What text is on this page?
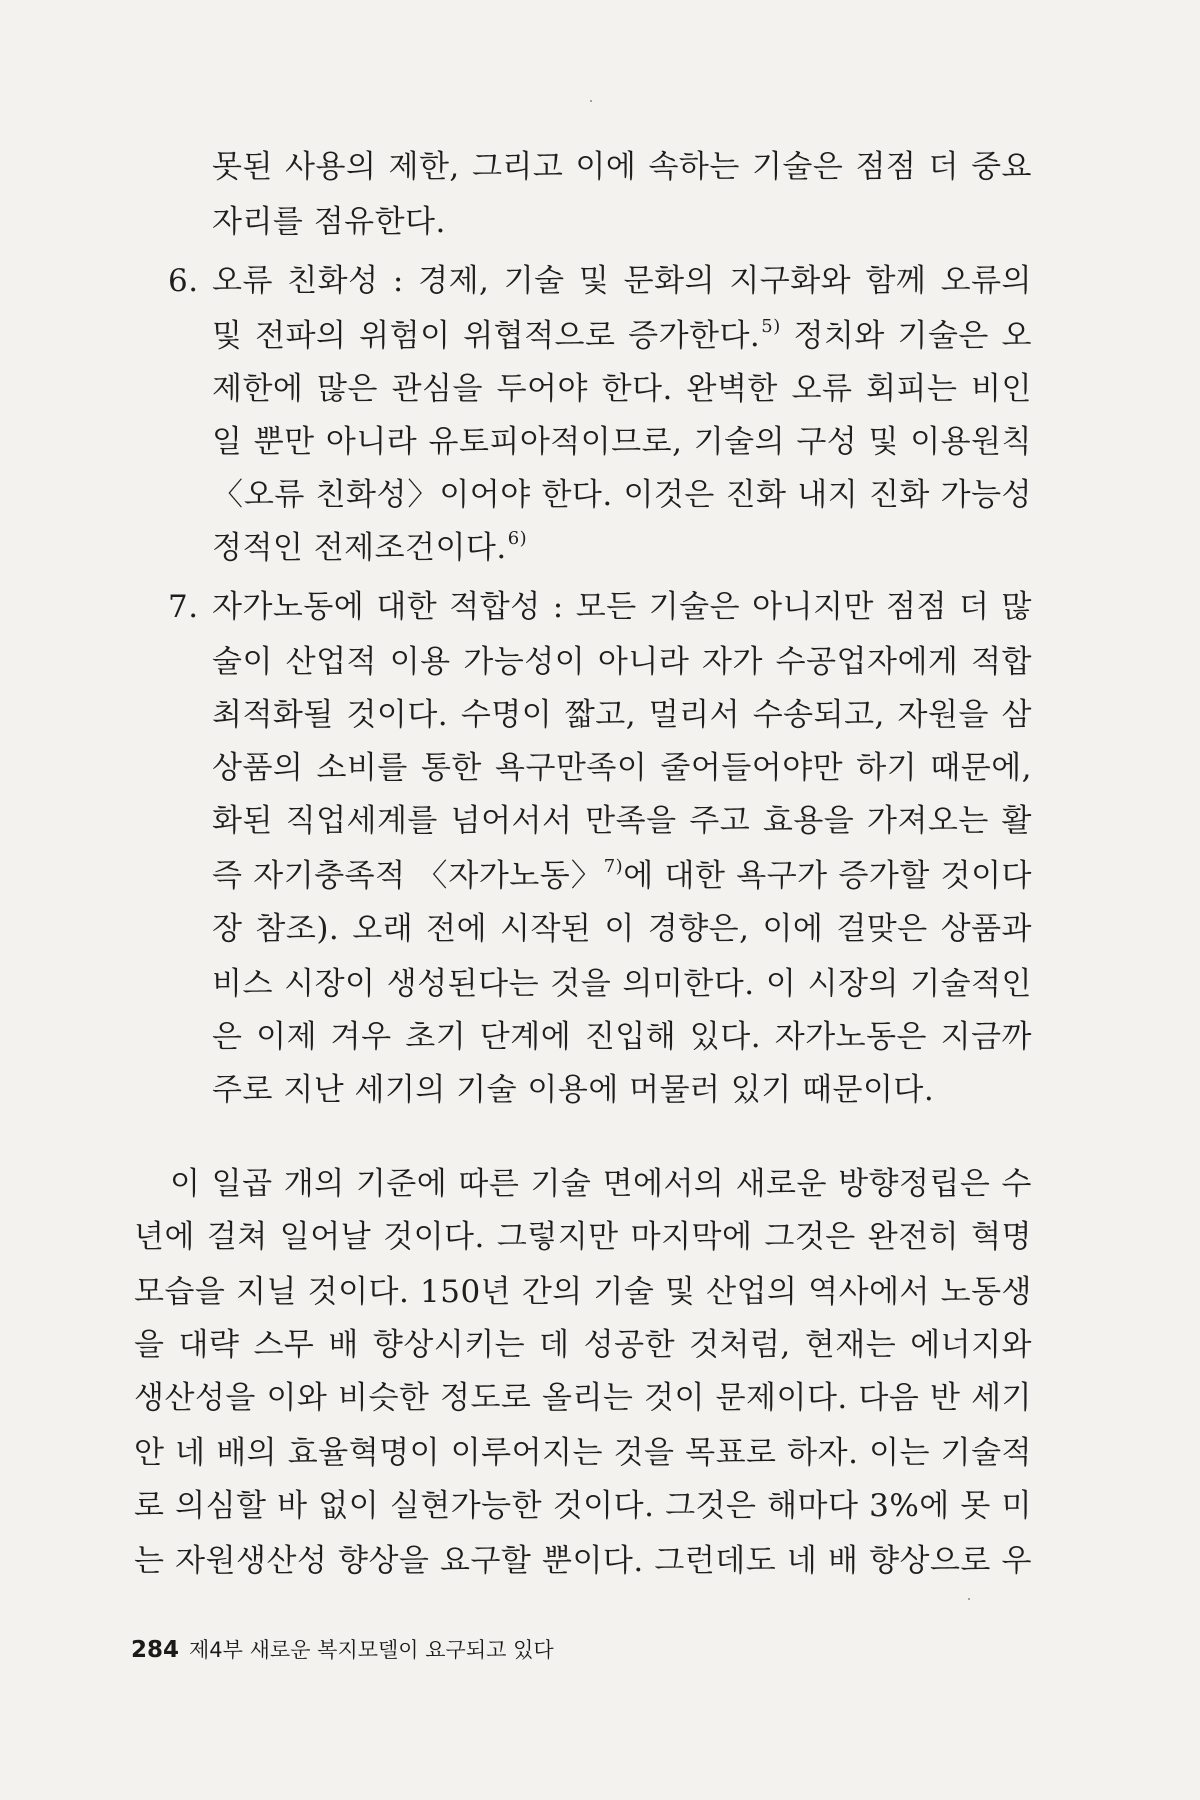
못된 사용의 제한, 그리고 이에 속하는 기술은 점점 더 중요
자리를 점유한다.
6. 오류 친화성 : 경제, 기술 및 문화의 지구화와 함께 오류의
및 전파의 위험이 위협적으로 증가한다.$^{5)}$ 정치와 기술은 오
제한에 많은 관심을 두어야 한다. 완벽한 오류 회피는 비인
일 뿐만 아니라 유토피아적이므로, 기술의 구성 및 이용원칙
〈오류 친화성〉이어야 한다. 이것은 진화 내지 진화 가능성
정적인 전제조건이다.$^{6)}$
7. 자가노동에 대한 적합성 : 모든 기술은 아니지만 점점 더 많
술이 산업적 이용 가능성이 아니라 자가 수공업자에게 적합
최적화될 것이다. 수명이 짧고, 멀리서 수송되고, 자원을 삼
상품의 소비를 통한 욕구만족이 줄어들어야만 하기 때문에,
화된 직업세계를 넘어서서 만족을 주고 효용을 가져오는 활
즉 자기충족적 〈자가노동〉$^{7)}$에 대한 욕구가 증가할 것이다
장 참조). 오래 전에 시작된 이 경향은, 이에 걸맞은 상품과
비스 시장이 생성된다는 것을 의미한다. 이 시장의 기술적인
은 이제 겨우 초기 단계에 진입해 있다. 자가노동은 지금까
주로 지난 세기의 기술 이용에 머물러 있기 때문이다.
이 일곱 개의 기준에 따른 기술 면에서의 새로운 방향정립은 수
년에 걸쳐 일어날 것이다. 그렇지만 마지막에 그것은 완전히 혁명
모습을 지닐 것이다. 150년 간의 기술 및 산업의 역사에서 노동생
을 대략 스무 배 향상시키는 데 성공한 것처럼, 현재는 에너지와
생산성을 이와 비슷한 정도로 올리는 것이 문제이다. 다음 반 세기
안 네 배의 효율혁명이 이루어지는 것을 목표로 하자. 이는 기술적
로 의심할 바 없이 실현가능한 것이다. 그것은 해마다 3%에 못 미
는 자원생산성 향상을 요구할 뿐이다. 그런데도 네 배 향상으로 우
284 제4부 새로운 복지모델이 요구되고 있다
